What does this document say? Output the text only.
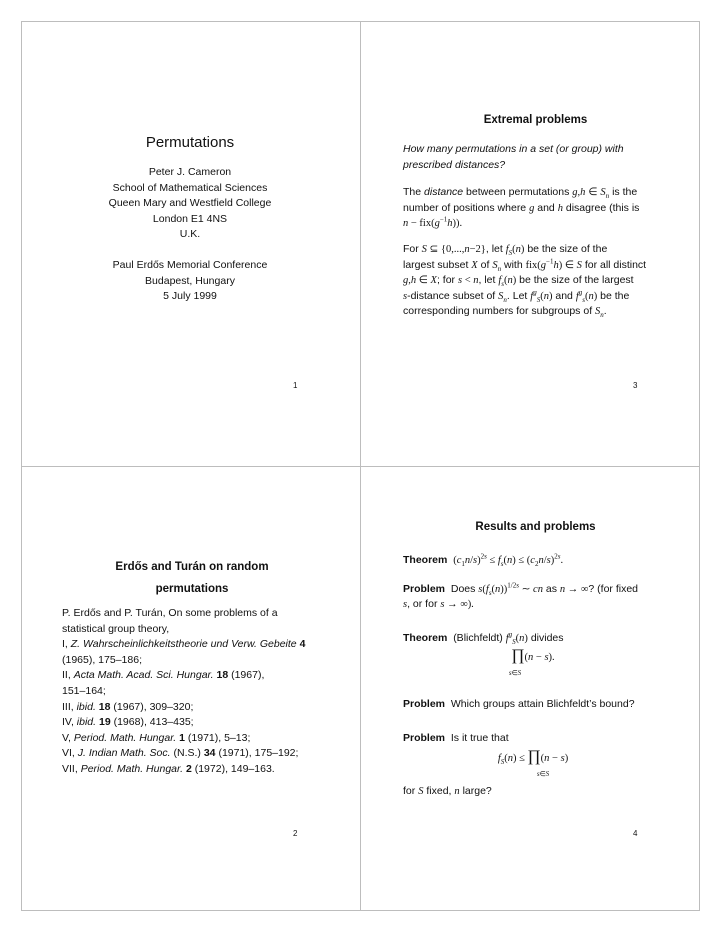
Permutations
Peter J. Cameron
School of Mathematical Sciences
Queen Mary and Westfield College
London E1 4NS
U.K.
Paul Erdős Memorial Conference
Budapest, Hungary
5 July 1999
1
Extremal problems
How many permutations in a set (or group) with
prescribed distances?
The distance between permutations g,h ∈ $S_n$ is the
number of positions where g and h disagree (this is
$n - fix(g^{-1}h)$).
For S ⊆ {0,...,n−2}, let $f_S(n)$ be the size of the
largest subset X of $S_n$ with $fix(g^{-1}h)$ ∈ S for all distinct
g,h ∈ X; for s < n, let $f_s(n)$ be the size of the largest
s-distance subset of $S_n$. Let $f^g_S(n)$ and $f^g_s(n)$ be the
corresponding numbers for subgroups of $S_n$.
3
Erdős and Turán on random
permutations
P. Erdős and P. Turán, On some problems of a
statistical group theory,
I, Z. Wahrscheinlichkeitstheorie und Verw. Gebeite 4
(1965), 175–186;
II, Acta Math. Acad. Sci. Hungar. 18 (1967),
151–164;
III, ibid. 18 (1967), 309–320;
IV, ibid. 19 (1968), 413–435;
V, Period. Math. Hungar. 1 (1971), 5–13;
VI, J. Indian Math. Soc. (N.S.) 34 (1971), 175–192;
VII, Period. Math. Hungar. 2 (1972), 149–163.
2
Results and problems
Theorem $(c_1n/s)^{2s} \le f_s(n) \le (c_2n/s)^{2s}$.
Problem Does $s(f_s(n))^{1/2s}$ ∼ cn as n → ∞? (for fixed
s, or for s → ∞).
Theorem (Blichfeldt) $f^g_S(n)$ divides
∏(n − s).
s∈S
Problem Which groups attain Blichfeldt’s bound?
Problem Is it true that
$f_S(n)$ ≤ ∏(n − s)
s∈S
for S fixed, n large?
4
